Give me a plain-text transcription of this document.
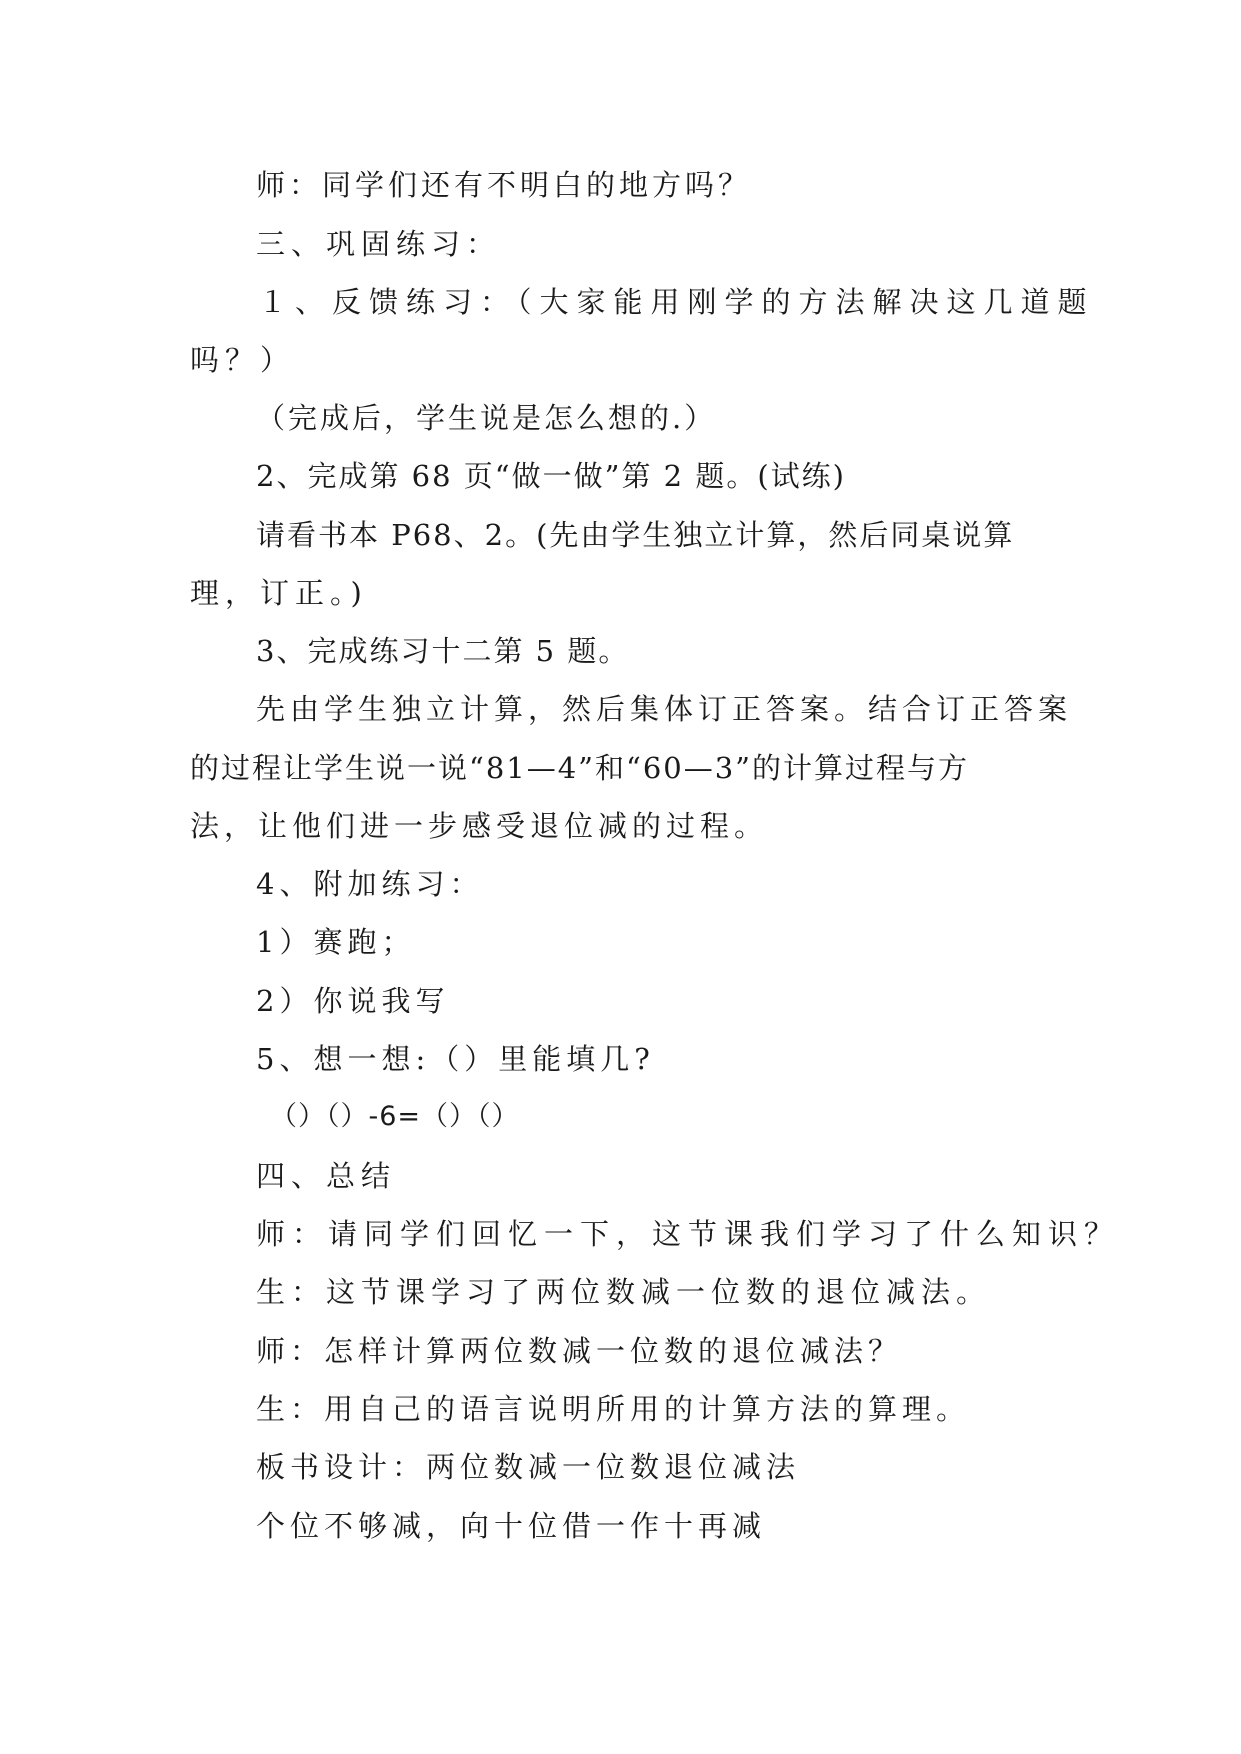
师：同学们还有不明白的地方吗？
三、巩固练习：
１、反馈练习：（大家能用刚学的方法解决这几道题
吗？）
（完成后，学生说是怎么想的.）
2、完成第 68 页“做一做”第 2 题。(试练)
请看书本 P68、2。(先由学生独立计算，然后同桌说算
理，订正。)
3、完成练习十二第 5 题。
先由学生独立计算，然后集体订正答案。结合订正答案
的过程让学生说一说“81—4”和“60—3”的计算过程与方
法，让他们进一步感受退位减的过程。
4、附加练习：
1）赛跑；
2）你说我写
5、想一想:（）里能填几?
（）（）-6=（）（）
四、总结
师：请同学们回忆一下，这节课我们学习了什么知识？
生：这节课学习了两位数减一位数的退位减法。
师：怎样计算两位数减一位数的退位减法？
生：用自己的语言说明所用的计算方法的算理。
板书设计：两位数减一位数退位减法
个位不够减，向十位借一作十再减
